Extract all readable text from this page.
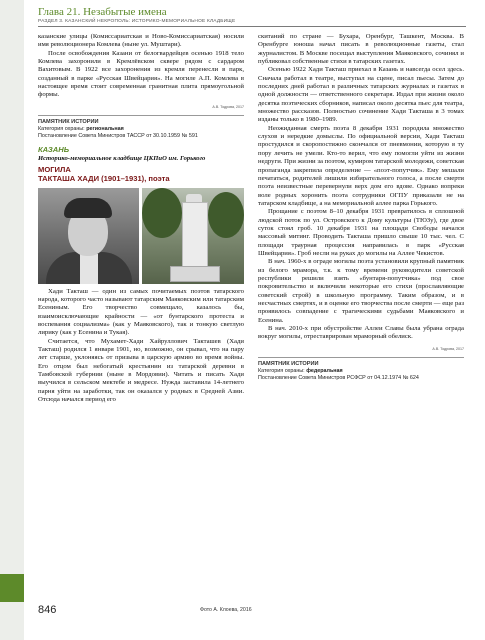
Глава 21. Незабытые имена
РАЗДЕЛ 3. КАЗАНСКИЙ НЕКРОПОЛЬ: ИСТОРИКО-МЕМОРИАЛЬНОЕ КЛАДБИЩЕ

казанские улицы (Комиссариатская и Ново-Комиссариатская) носили имя революционера Комлева (ныне ул. Муштари).

После освобождения Казани от белогвардейцев осенью 1918 тело Комлева захоронили в Кремлёвском сквере рядом с сардаром Вахитовым. В 1922 все захоронения из кремля перенесли в парк, созданный в парке «Русская Швейцария». На могиле А.П. Комлева в настоящее время стоит современная гранитная плита прямоугольной формы.

А.В. Тодрова, 2017
ПАМЯТНИК ИСТОРИИ
Категория охраны: региональная
Постановление Совета Министров ТАССР от 30.10.1959 № 591
КАЗАНЬ
Историко-мемориальное кладбище ЦКПиО им. Горького
МОГИЛА
ТАКТАША ХАДИ (1901–1931), поэта

Хади Такташ — один из самых почитаемых поэтов татарского народа, которого часто называют татарским Маяковским или татарским Есениным. Его творчество совмещало, казалось бы, взаимоисключающие крайности — «от бунтарского протеста и воспевания социализма» (как у Маяковского), так и тонкую светлую лирику (как у Есенина и Тукая).

Считается, что Мухамет-Хади Хайруллович Такташев (Хади Такташ) родился 1 января 1901, но, возможно, он срывал, что на пару лет старше, уклоняясь от призыва в царскую армию во время войны. Его отцом был небогатый крестьянин из татарской деревни в Тамбовской губернии (ныне в Мордовии). Читать и писать Хади выучился в сельском мектебе и медресе. Нужда заставила 14-летнего парня уйти на заработки, так он оказался у родных в Средней Азии. Отсюда начался период его

скитаний по стране — Бухара, Оренбург, Ташкент, Москва. В Оренбурге юноша начал писать в революционные газеты, стал журналистом. В Москве посещал выступления Маяковского, сочинял и публиковал собственные стихи в татарских газетах.

Осенью 1922 Хади Такташ приехал в Казань и навсегда осел здесь. Сначала работал в театре, выступал на сцене, писал пьесы. Затем до последних дней работал в различных татарских журналах и газетах в одной должности — ответственного секретаря. Издал при жизни около десятка поэтических сборников, написал около десятка пьес для театра, множество рассказов. Полностью сочинение Хади Такташа в 3 томах изданы только в 1980–1989.

Неожиданная смерть поэта 8 декабря 1931 породила множество слухов и нередкие домыслы. По официальной версии, Хади Такташ простудился и скоропостижно скончался от пневмонии, которую в ту пору лечить не умели. Кто-то верил, что ему помогли уйти из жизни недруги. При жизни за поэтом, кумиром татарской молодежи, советская пропаганда закрепила определение — «поэт-попутчик». Ему мешали печататься, родителей лишили избирательного голоса, а после смерти поэта неизвестные перевернули верх дом его вдове. Однако вопреки воле родных хоронить поэта сотрудники ОГПУ приказали не на татарском кладбище, а на мемориальной аллее парка Горького.

Прощание с поэтом 8–10 декабря 1931 превратилось в сплошной людской поток по ул. Островского к Дому культуры (ТЮЗу), где двое суток стоял гроб. 10 декабря 1931 на площади Свободы начался массовый митинг. Проводить Такташа пришло свыше 10 тыс. чел. С площади траурная процессия направилась в парк «Русская Швейцария». Гроб несли на руках до могилы на Аллее Чекистов.

В нач. 1960-х в ограде могилы поэта установили крупный памятник из белого мрамора, т.к. к тому времени руководители советской республики решили взять «бунтаря-попутчика» под свое покровительство и включили некоторые его стихи (прославляющие советский строй) в школьную программу. Таким образом, и в несчастных смертях, и в оценке его творчества после смерти — еще раз проявилось совпадение с трагическими судьбами Маяковского и Есенина.

В нач. 2010-х при обустройстве Аллеи Славы была убрана ограда вокруг могилы, отреставрирован мраморный обелиск.

А.В. Тодрова, 2017
ПАМЯТНИК ИСТОРИИ
Категория охраны: федеральная
Постановление Совета Министров РСФСР от 04.12.1974 № 624
846	Фото А. Клоева, 2016
